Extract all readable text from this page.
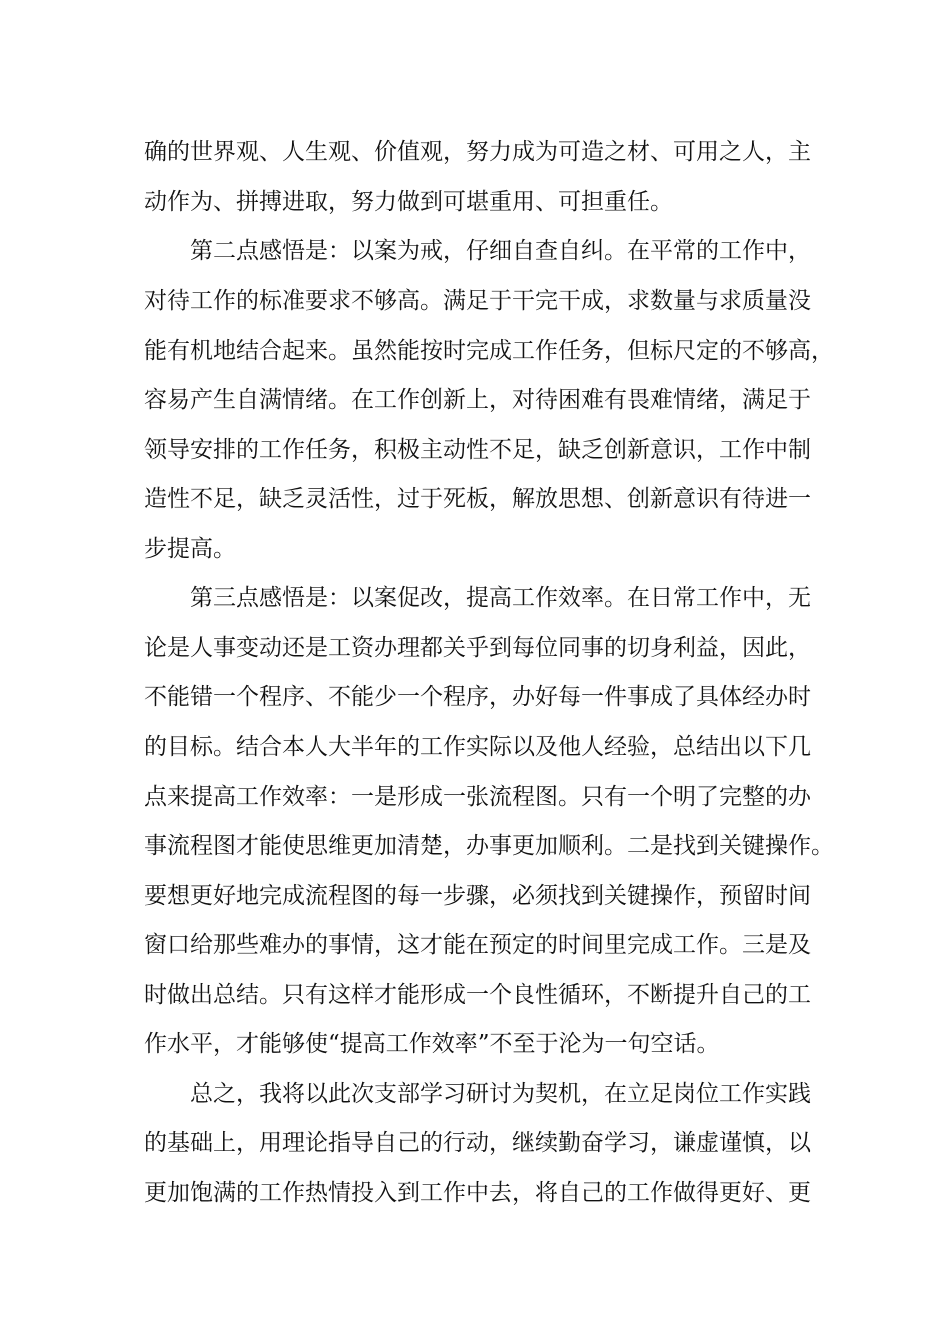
确的世界观、人生观、价值观，努力成为可造之材、可用之人，主
动作为、拼搏进取，努力做到可堪重用、可担重任。
第二点感悟是：以案为戒，仔细自查自纠。在平常的工作中，
对待工作的标准要求不够高。满足于干完干成，求数量与求质量没
能有机地结合起来。虽然能按时完成工作任务，但标尺定的不够高，
容易产生自满情绪。在工作创新上，对待困难有畏难情绪，满足于
领导安排的工作任务，积极主动性不足，缺乏创新意识，工作中制
造性不足，缺乏灵活性，过于死板，解放思想、创新意识有待进一
步提高。
第三点感悟是：以案促改，提高工作效率。在日常工作中，无
论是人事变动还是工资办理都关乎到每位同事的切身利益，因此，
不能错一个程序、不能少一个程序，办好每一件事成了具体经办时
的目标。结合本人大半年的工作实际以及他人经验，总结出以下几
点来提高工作效率：一是形成一张流程图。只有一个明了完整的办
事流程图才能使思维更加清楚，办事更加顺利。二是找到关键操作。
要想更好地完成流程图的每一步骤，必须找到关键操作，预留时间
窗口给那些难办的事情，这才能在预定的时间里完成工作。三是及
时做出总结。只有这样才能形成一个良性循环，不断提升自己的工
作水平，才能够使“提高工作效率”不至于沦为一句空话。
总之，我将以此次支部学习研讨为契机，在立足岗位工作实践
的基础上，用理论指导自己的行动，继续勤奋学习，谦虚谨慎，以
更加饱满的工作热情投入到工作中去，将自己的工作做得更好、更
